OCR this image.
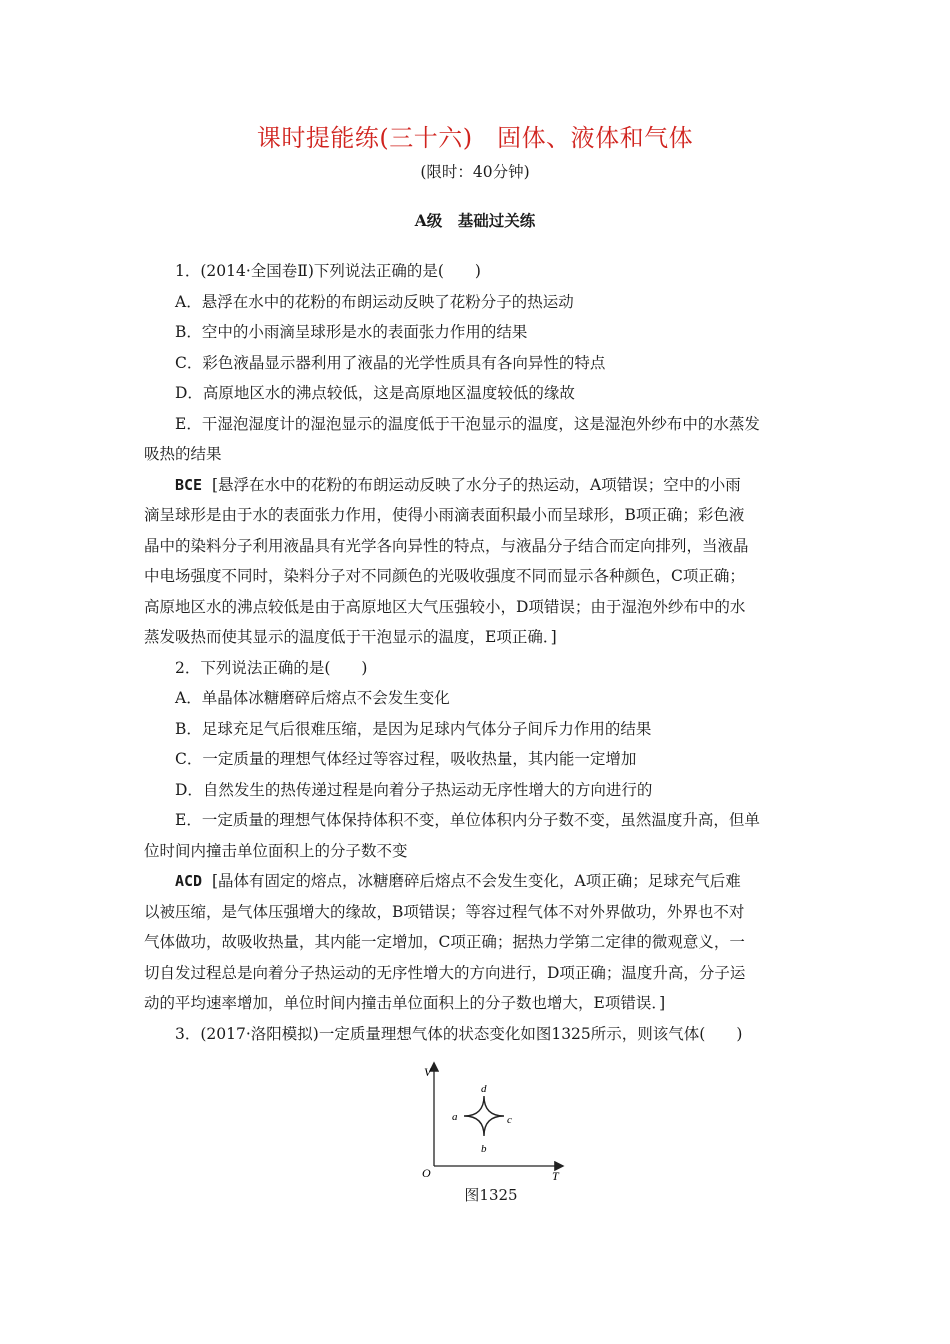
课时提能练(三十六)　固体、液体和气体
(限时：40分钟)
A级　基础过关练
1．(2014·全国卷Ⅱ)下列说法正确的是(　　)
A．悬浮在水中的花粉的布朗运动反映了花粉分子的热运动
B．空中的小雨滴呈球形是水的表面张力作用的结果
C．彩色液晶显示器利用了液晶的光学性质具有各向异性的特点
D．高原地区水的沸点较低，这是高原地区温度较低的缘故
E．干湿泡湿度计的湿泡显示的温度低于干泡显示的温度，这是湿泡外纱布中的水蒸发
吸热的结果
BCE [悬浮在水中的花粉的布朗运动反映了水分子的热运动，A项错误；空中的小雨
滴呈球形是由于水的表面张力作用，使得小雨滴表面积最小而呈球形，B项正确；彩色液
晶中的染料分子利用液晶具有光学各向异性的特点，与液晶分子结合而定向排列，当液晶
中电场强度不同时，染料分子对不同颜色的光吸收强度不同而显示各种颜色，C项正确；
高原地区水的沸点较低是由于高原地区大气压强较小，D项错误；由于湿泡外纱布中的水
蒸发吸热而使其显示的温度低于干泡显示的温度，E项正确．]
2．下列说法正确的是(　　)
A．单晶体冰糖磨碎后熔点不会发生变化
B．足球充足气后很难压缩，是因为足球内气体分子间斥力作用的结果
C．一定质量的理想气体经过等容过程，吸收热量，其内能一定增加
D．自然发生的热传递过程是向着分子热运动无序性增大的方向进行的
E．一定质量的理想气体保持体积不变，单位体积内分子数不变，虽然温度升高，但单
位时间内撞击单位面积上的分子数不变
ACD [晶体有固定的熔点，冰糖磨碎后熔点不会发生变化，A项正确；足球充气后难
以被压缩，是气体压强增大的缘故，B项错误；等容过程气体不对外界做功，外界也不对
气体做功，故吸收热量，其内能一定增加，C项正确；据热力学第二定律的微观意义，一
切自发过程总是向着分子热运动的无序性增大的方向进行，D项正确；温度升高，分子运
动的平均速率增加，单位时间内撞击单位面积上的分子数也增大，E项错误．]
3．(2017·洛阳模拟)一定质量理想气体的状态变化如图1325所示，则该气体(　　)
V
T
O
d
a	c
b
图1325
